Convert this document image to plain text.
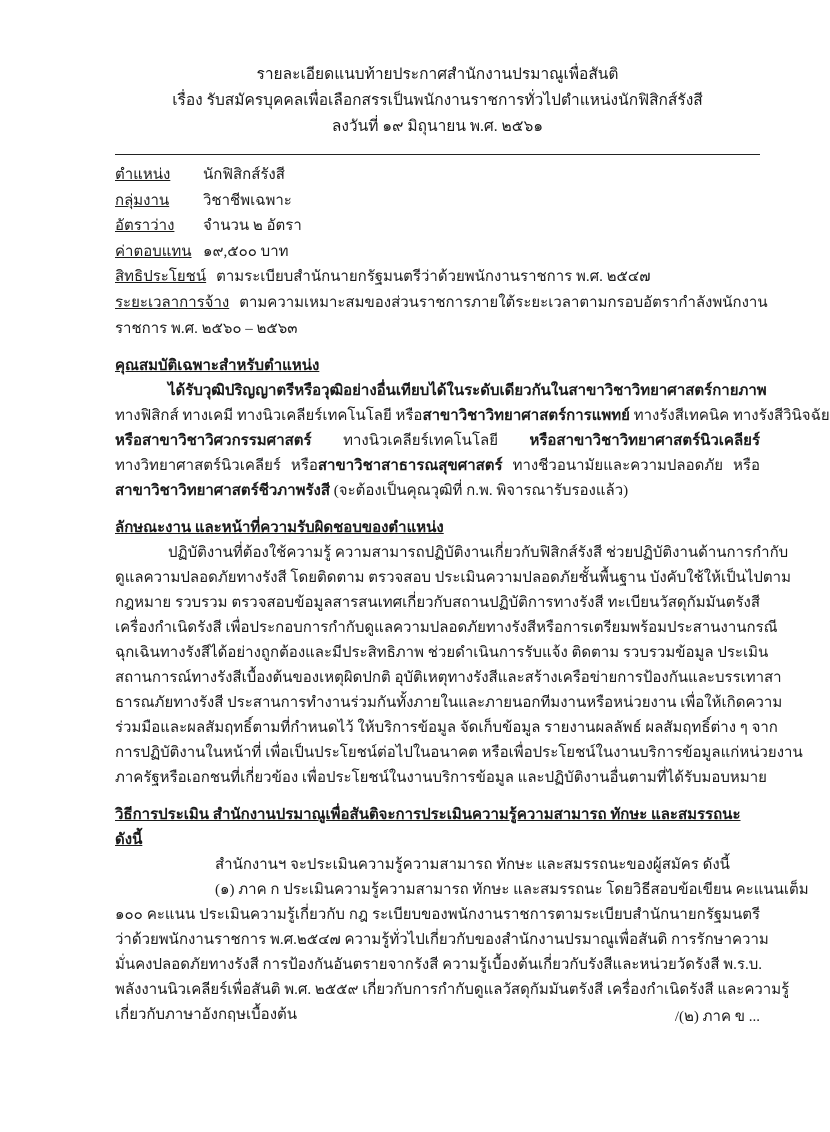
รายละเอียดแนบท้ายประกาศสำนักงานปรมาณูเพื่อสันติ
เรื่อง รับสมัครบุคคลเพื่อเลือกสรรเป็นพนักงานราชการทั่วไปตำแหน่งนักฟิสิกส์รังสี
ลงวันที่ ๑๙ มิถุนายน พ.ศ. ๒๕๖๑
ตำแหน่ง นักฟิสิกส์รังสี
กลุ่มงาน วิชาชีพเฉพาะ
อัตราว่าง จำนวน ๒ อัตรา
ค่าตอบแทน ๑๙,๕๐๐ บาท
สิทธิประโยชน์ ตามระเบียบสำนักนายกรัฐมนตรีว่าด้วยพนักงานราชการ พ.ศ. ๒๕๔๗
ระยะเวลาการจ้าง ตามความเหมาะสมของส่วนราชการภายใต้ระยะเวลาตามกรอบอัตรากำลังพนักงาน
ราชการ พ.ศ. ๒๕๖๐ – ๒๕๖๓
คุณสมบัติเฉพาะสำหรับตำแหน่ง
ได้รับวุฒิปริญญาตรีหรือวุฒิอย่างอื่นเทียบได้ในระดับเดียวกันในสาขาวิชาวิทยาศาสตร์กายภาพ
ทางฟิสิกส์ ทางเคมี ทางนิวเคลียร์เทคโนโลยี หรือสาขาวิชาวิทยาศาสตร์การแพทย์ ทางรังสีเทคนิค ทางรังสีวินิจฉัย
หรือสาขาวิชาวิศวกรรมศาสตร์ ทางนิวเคลียร์เทคโนโลยี หรือสาขาวิชาวิทยาศาสตร์นิวเคลียร์
ทางวิทยาศาสตร์นิวเคลียร์ หรือสาขาวิชาสาธารณสุขศาสตร์ ทางชีวอนามัยและความปลอดภัย หรือ
สาขาวิชาวิทยาศาสตร์ชีวภาพรังสี (จะต้องเป็นคุณวุฒิที่ ก.พ. พิจารณารับรองแล้ว)
ลักษณะงาน และหน้าที่ความรับผิดชอบของตำแหน่ง
ปฏิบัติงานที่ต้องใช้ความรู้ ความสามารถปฏิบัติงานเกี่ยวกับฟิสิกส์รังสี ช่วยปฏิบัติงานด้านการกำกับ
ดูแลความปลอดภัยทางรังสี โดยติดตาม ตรวจสอบ ประเมินความปลอดภัยชั้นพื้นฐาน บังคับใช้ให้เป็นไปตาม
กฎหมาย รวบรวม ตรวจสอบข้อมูลสารสนเทศเกี่ยวกับสถานปฏิบัติการทางรังสี ทะเบียนวัสดุกัมมันตรังสี
เครื่องกำเนิดรังสี เพื่อประกอบการกำกับดูแลความปลอดภัยทางรังสีหรือการเตรียมพร้อมประสานงานกรณี
ฉุกเฉินทางรังสีได้อย่างถูกต้องและมีประสิทธิภาพ ช่วยดำเนินการรับแจ้ง ติดตาม รวบรวมข้อมูล ประเมิน
สถานการณ์ทางรังสีเบื้องต้นของเหตุผิดปกติ อุบัติเหตุทางรังสีและสร้างเครือข่ายการป้องกันและบรรเทาสา
ธารณภัยทางรังสี ประสานการทำงานร่วมกันทั้งภายในและภายนอกทีมงานหรือหน่วยงาน เพื่อให้เกิดความ
ร่วมมือและผลสัมฤทธิ์ตามที่กำหนดไว้ ให้บริการข้อมูล จัดเก็บข้อมูล รายงานผลลัพธ์ ผลสัมฤทธิ์ต่าง ๆ จาก
การปฏิบัติงานในหน้าที่ เพื่อเป็นประโยชน์ต่อไปในอนาคต หรือเพื่อประโยชน์ในงานบริการข้อมูลแก่หน่วยงาน
ภาครัฐหรือเอกชนที่เกี่ยวข้อง เพื่อประโยชน์ในงานบริการข้อมูล และปฏิบัติงานอื่นตามที่ได้รับมอบหมาย
วิธีการประเมิน สำนักงานปรมาณูเพื่อสันติจะการประเมินความรู้ความสามารถ ทักษะ และสมรรถนะ ดังนี้
สำนักงานฯ จะประเมินความรู้ความสามารถ ทักษะ และสมรรถนะของผู้สมัคร ดังนี้
(๑) ภาค ก ประเมินความรู้ความสามารถ ทักษะ และสมรรถนะ โดยวิธีสอบข้อเขียน คะแนนเต็ม
๑๐๐ คะแนน ประเมินความรู้เกี่ยวกับ กฎ ระเบียบของพนักงานราชการตามระเบียบสำนักนายกรัฐมนตรี
ว่าด้วยพนักงานราชการ พ.ศ.๒๕๔๗ ความรู้ทั่วไปเกี่ยวกับของสำนักงานปรมาณูเพื่อสันติ การรักษาความ
มั่นคงปลอดภัยทางรังสี การป้องกันอันตรายจากรังสี ความรู้เบื้องต้นเกี่ยวกับรังสีและหน่วยวัดรังสี พ.ร.บ.
พลังงานนิวเคลียร์เพื่อสันติ พ.ศ. ๒๕๕๙ เกี่ยวกับการกำกับดูแลวัสดุกัมมันตรังสี เครื่องกำเนิดรังสี และความรู้
เกี่ยวกับภาษาอังกฤษเบื้องต้น	/(๒) ภาค ข ...
